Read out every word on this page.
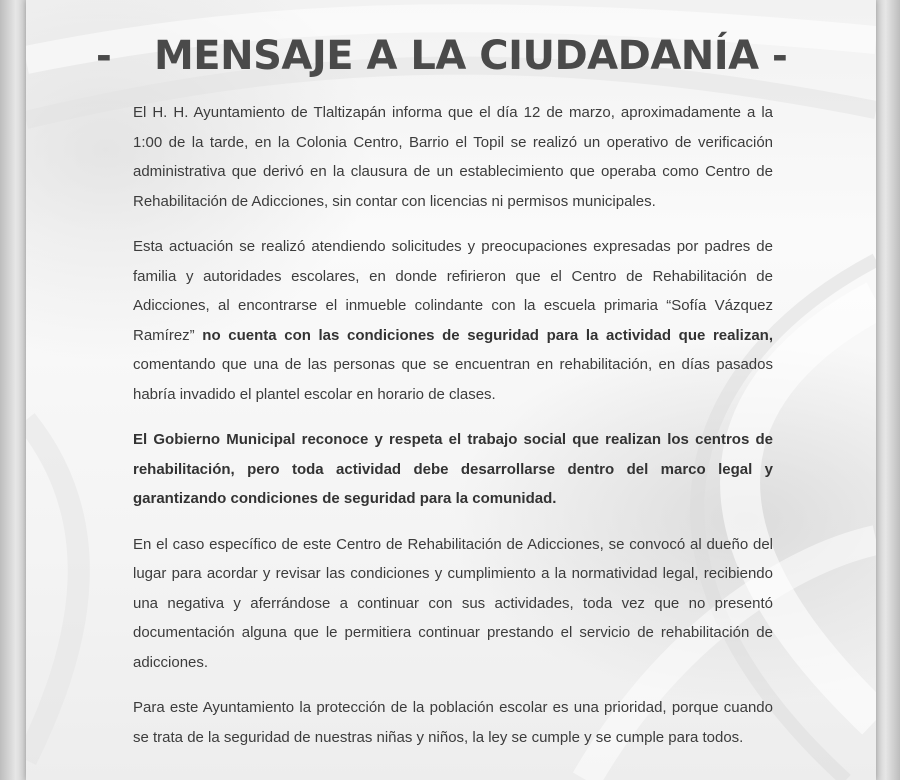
- MENSAJE A LA CIUDADANÍA -

El H. H. Ayuntamiento de Tlaltizapán informa que el día 12 de marzo, aproximadamente a la 1:00 de la tarde, en la Colonia Centro, Barrio el Topil se realizó un operativo de verificación administrativa que derivó en la clausura de un establecimiento que operaba como Centro de Rehabilitación de Adicciones, sin contar con licencias ni permisos municipales.

Esta actuación se realizó atendiendo solicitudes y preocupaciones expresadas por padres de familia y autoridades escolares, en donde refirieron que el Centro de Rehabilitación de Adicciones, al encontrarse el inmueble colindante con la escuela primaria “Sofía Vázquez Ramírez” no cuenta con las condiciones de seguridad para la actividad que realizan, comentando que una de las personas que se encuentran en rehabilitación, en días pasados habría invadido el plantel escolar en horario de clases.

El Gobierno Municipal reconoce y respeta el trabajo social que realizan los centros de rehabilitación, pero toda actividad debe desarrollarse dentro del marco legal y garantizando condiciones de seguridad para la comunidad.

En el caso específico de este Centro de Rehabilitación de Adicciones, se convocó al dueño del lugar para acordar y revisar las condiciones y cumplimiento a la normatividad legal, recibiendo una negativa y aferrándose a continuar con sus actividades, toda vez que no presentó documentación alguna que le permitiera continuar prestando el servicio de rehabilitación de adicciones.

Para este Ayuntamiento la protección de la población escolar es una prioridad, porque cuando se trata de la seguridad de nuestras niñas y niños, la ley se cumple y se cumple para todos.
